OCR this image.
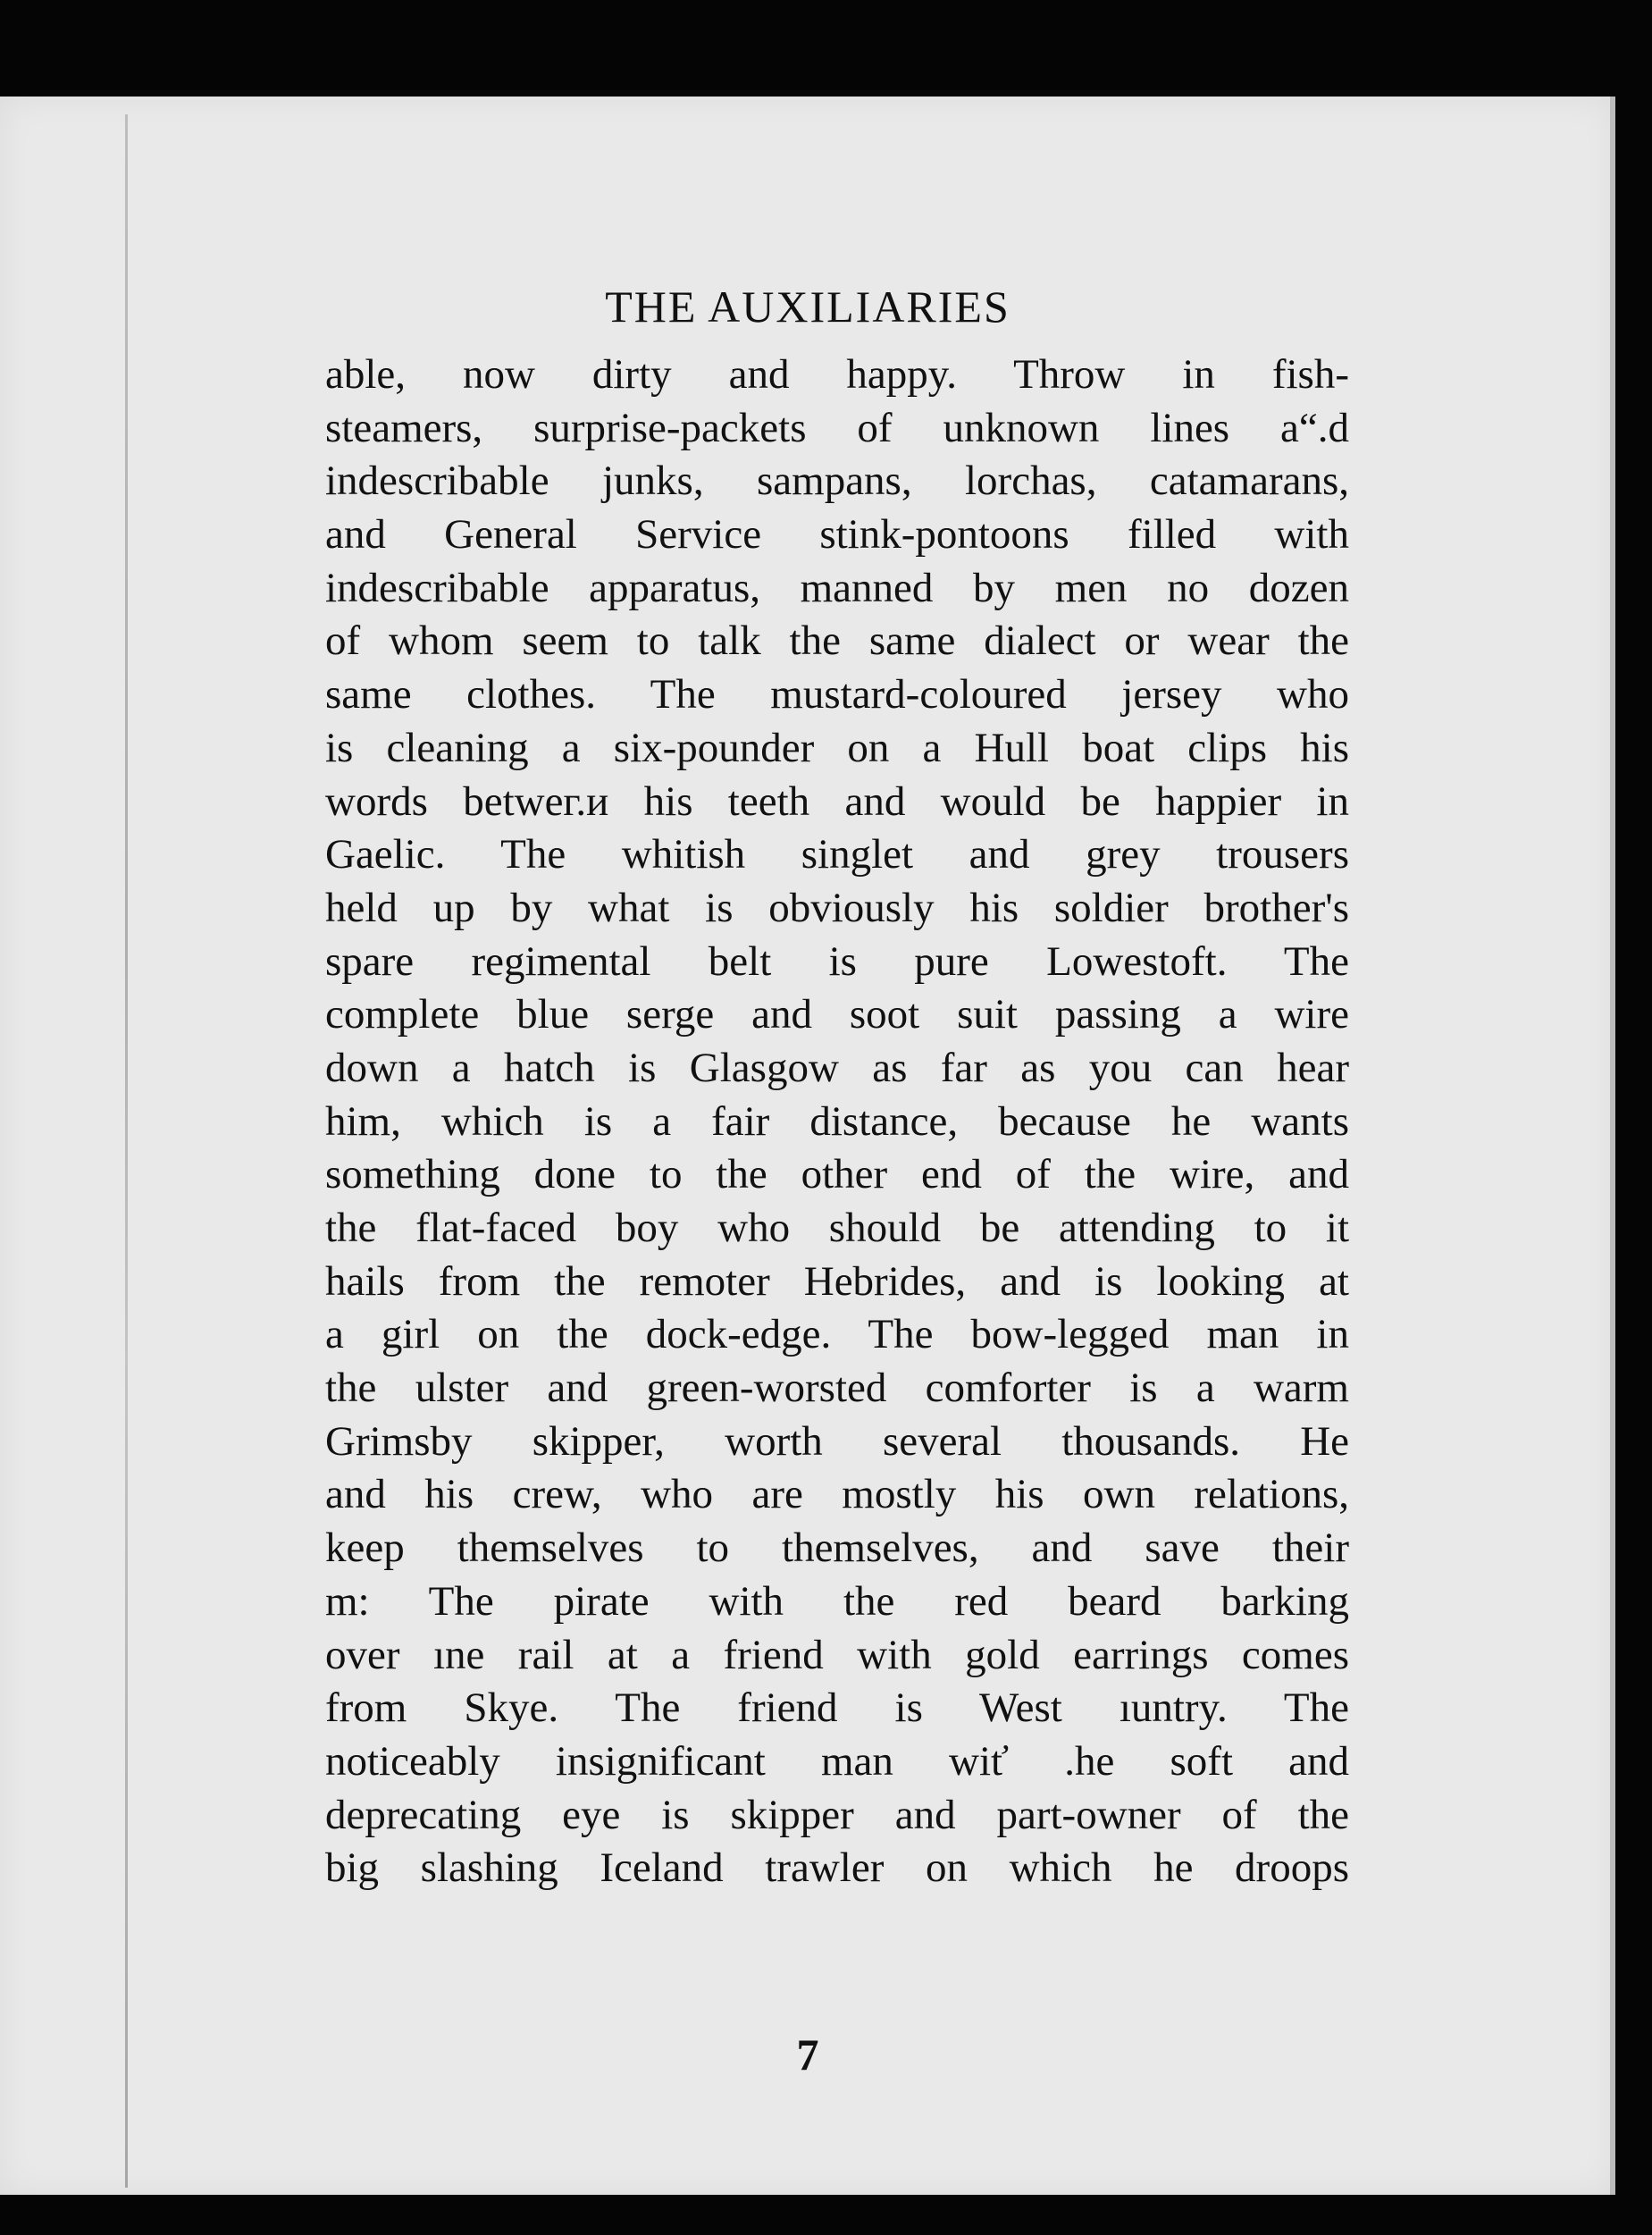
THE AUXILIARIES
able, now dirty and happy. Throw in fish-
steamers, surprise-packets of unknown lines a“.d
indescribable junks, sampans, lorchas, catamarans,
and General Service stink-pontoons filled with
indescribable apparatus, manned by men no dozen
of whom seem to talk the same dialect or wear the
same clothes. The mustard-coloured jersey who
is cleaning a six-pounder on a Hull boat clips his
words betweг.и his teeth and would be happier in
Gaelic. The whitish singlet and grey trousers
held up by what is obviously his soldier brother's
spare regimental belt is pure Lowestoft. The
complete blue serge and soot suit passing a wire
down a hatch is Glasgow as far as you can hear
him, which is a fair distance, because he wants
something done to the other end of the wire, and
the flat-faced boy who should be attending to it
hails from the remoter Hebrides, and is looking at
a girl on the dock-edge. The bow-legged man in
the ulster and green-worsted comforter is a warm
Grimsby skipper, worth several thousands. He
and his crew, who are mostly his own relations,
keep themselves to themselves, and save their
m: The pirate with the red beard barking
over ıne rail at a friend with gold earrings comes
from Skye. The friend is West ıuntry. The
noticeably insignificant man wiť .he soft and
deprecating eye is skipper and part-owner of the
big slashing Iceland trawler on which he droops
7
